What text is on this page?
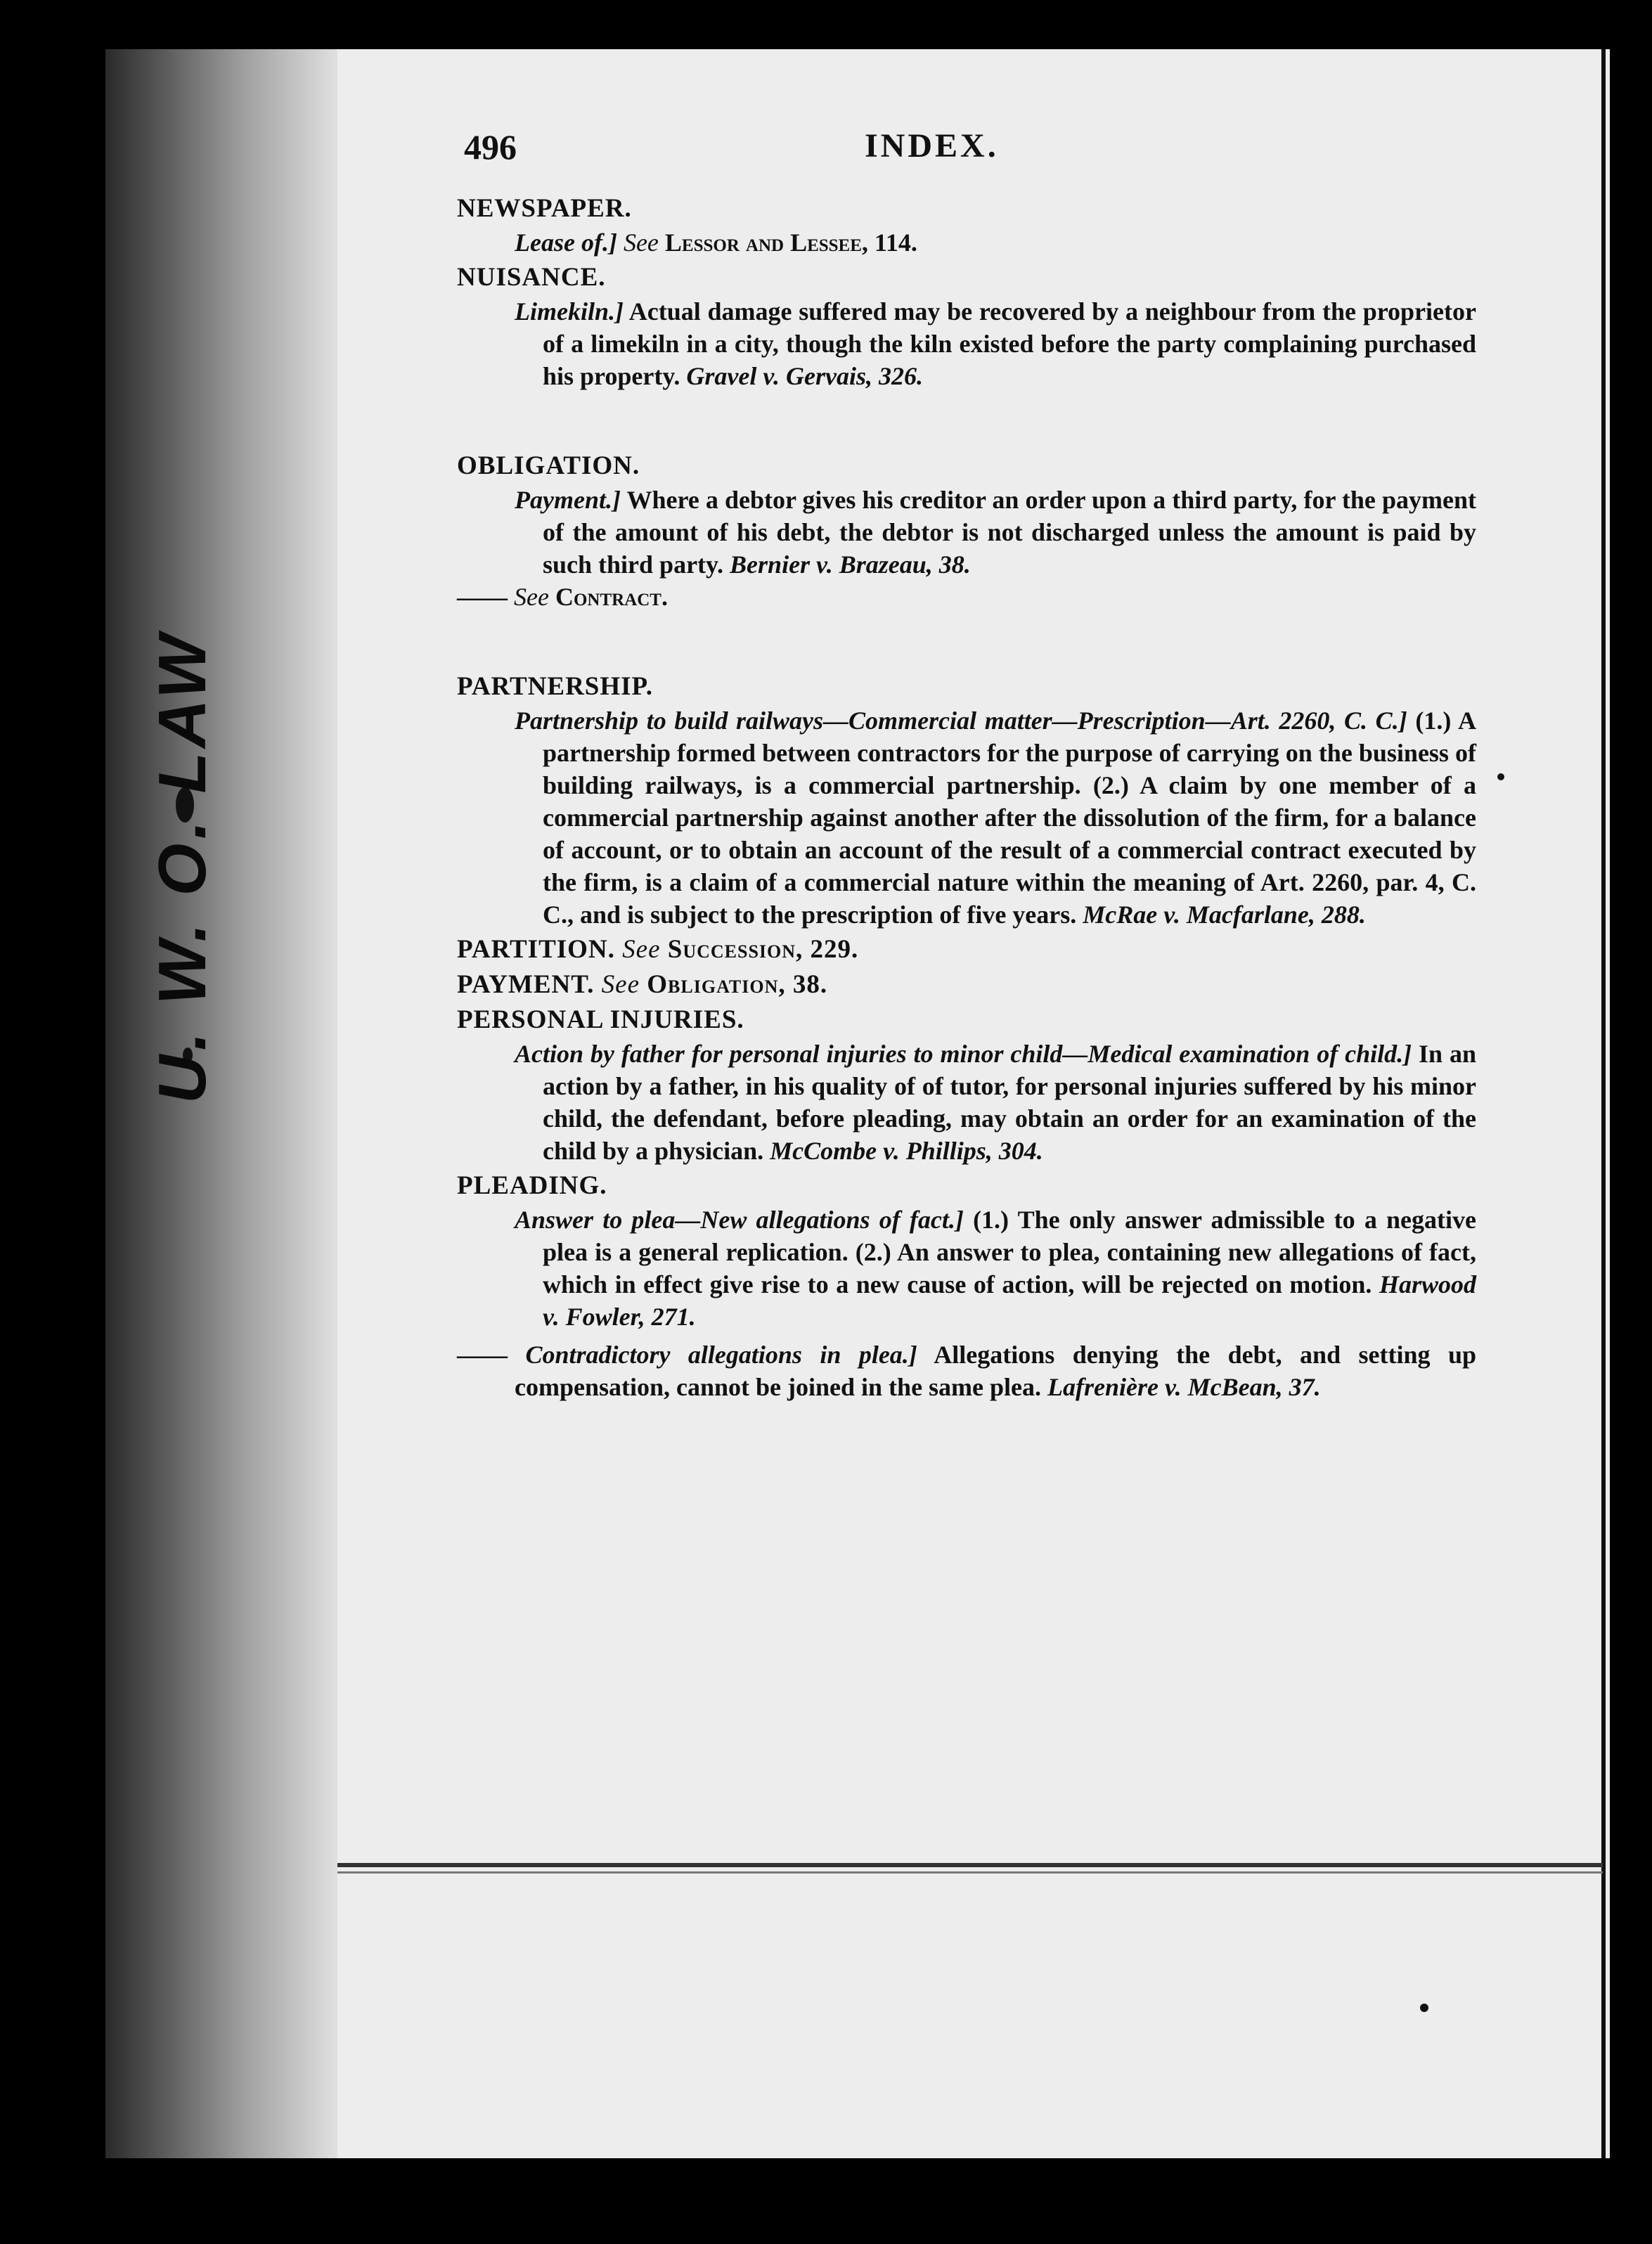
U. W. O. LAW
496	INDEX.
NEWSPAPER.
Lease of.] See Lessor and Lessee, 114.
NUISANCE.
Limekiln.] Actual damage suffered may be recovered by a neighbour from the proprietor of a limekiln in a city, though the kiln existed before the party complaining purchased his property. Gravel v. Gervais, 326.
OBLIGATION.
Payment.] Where a debtor gives his creditor an order upon a third party, for the payment of the amount of his debt, the debtor is not discharged unless the amount is paid by such third party. Bernier v. Brazeau, 38.
—— See Contract.
PARTNERSHIP.
Partnership to build railways—Commercial matter—Prescription—Art. 2260, C. C.] (1.) A partnership formed between contractors for the purpose of carrying on the business of building railways, is a commercial partnership. (2.) A claim by one member of a commercial partnership against another after the dissolution of the firm, for a balance of account, or to obtain an account of the result of a commercial contract executed by the firm, is a claim of a commercial nature within the meaning of Art. 2260, par. 4, C. C., and is subject to the prescription of five years. McRae v. Macfarlane, 288.
PARTITION. See Succession, 229.
PAYMENT. See Obligation, 38.
PERSONAL INJURIES.
Action by father for personal injuries to minor child—Medical examination of child.] In an action by a father, in his quality of of tutor, for personal injuries suffered by his minor child, the defendant, before pleading, may obtain an order for an examination of the child by a physician. McCombe v. Phillips, 304.
PLEADING.
Answer to plea—New allegations of fact.] (1.) The only answer admissible to a negative plea is a general replication. (2.) An answer to plea, containing new allegations of fact, which in effect give rise to a new cause of action, will be rejected on motion. Harwood v. Fowler, 271.
—— Contradictory allegations in plea.] Allegations denying the debt, and setting up compensation, cannot be joined in the same plea. Lafrenière v. McBean, 37.
